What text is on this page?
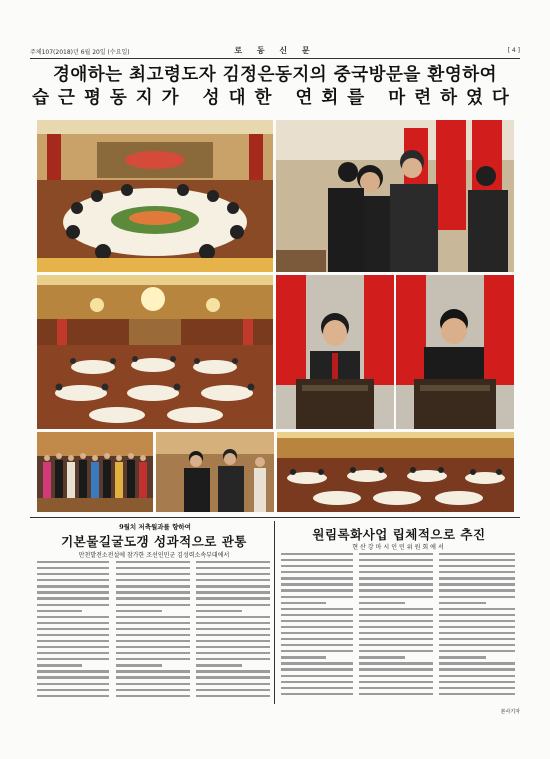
주체107(2018)년 6월 20일 (수요일)	로 동 신 문	[ 4 ]
경애하는 최고령도자 김정은동지의 중국방문을 환영하여
습근평동지가 성대한 연회를 마련하였다
9월치 저축월과를 향하여
기본물길굴도갱 성과적으로 관통
만천발전소전설에 참가한 조선인민군 김성력소속부대에서
원림록화사업 립체적으로 추진
현산강마시인민위원회에서
본사기자
